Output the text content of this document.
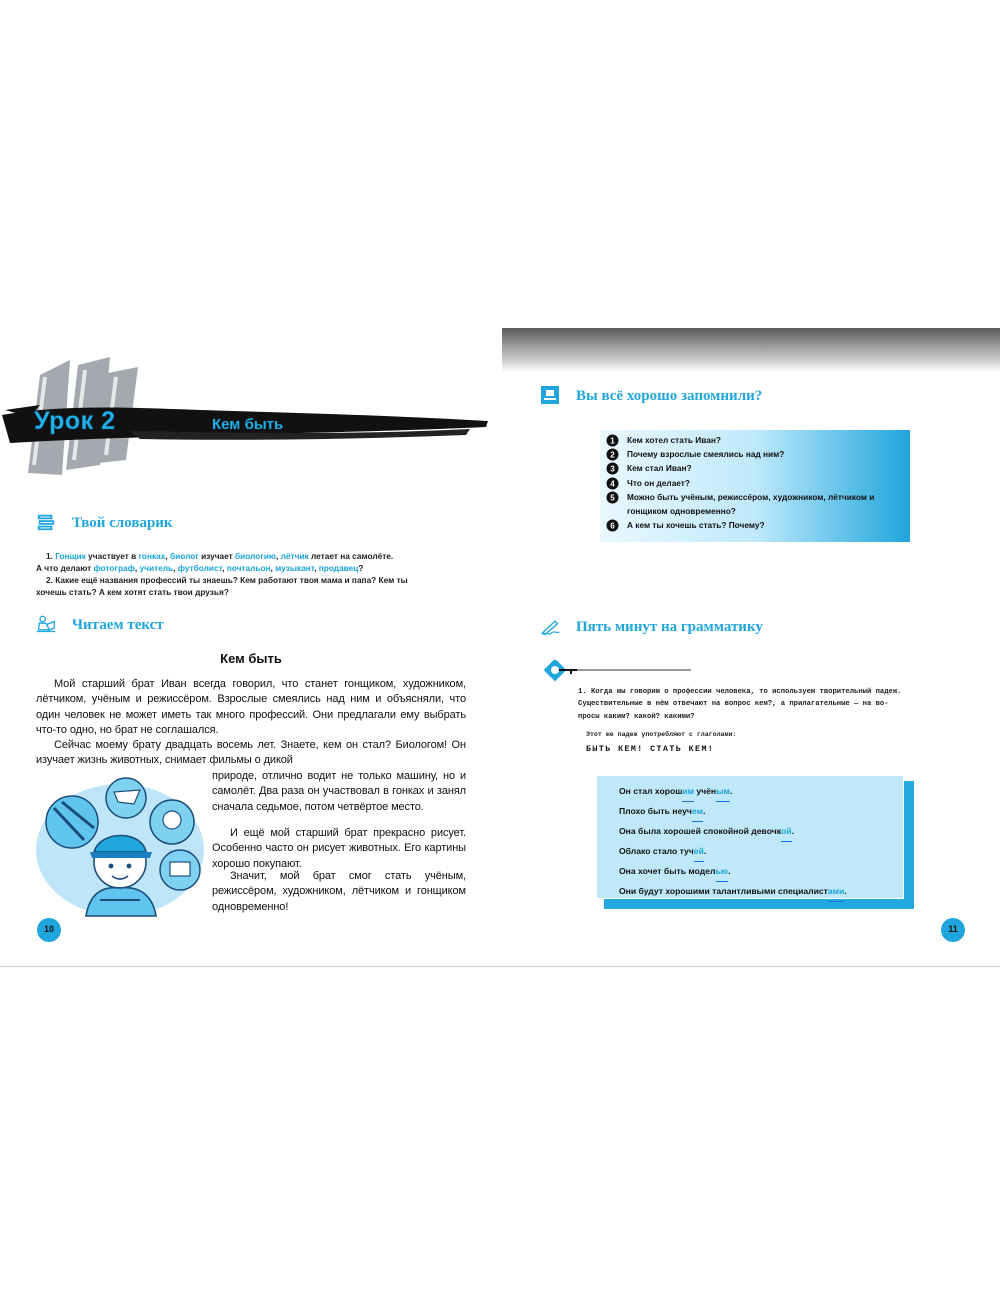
Урок 2	Кем быть
Твой словарик
1. Гонщик участвует в гонках, биолог изучает биологию, лётчик летает на самолёте.
А что делают фотограф, учитель, футболист, почтальон, музыкант, продавец?
2. Какие ещё названия профессий ты знаешь? Кем работают твоя мама и папа? Кем ты
хочешь стать? А кем хотят стать твои друзья?
Читаем текст
Кем быть
Мой старший брат Иван всегда говорил, что станет гонщиком, художником, лётчиком, учёным и режиссёром. Взрослые смеялись над ним и объясняли, что один человек не может иметь так много профессий. Они предлагали ему выбрать что-то одно, но брат не соглашался.
Сейчас моему брату двадцать восемь лет. Знаете, кем он стал? Биологом! Он изучает жизнь животных, снимает фильмы о дикой
природе, отлично водит не только машину, но и самолёт. Два раза он участвовал в гонках и занял сначала седьмое, потом четвёртое место.
И ещё мой старший брат прекрасно рисует. Особенно часто он рисует животных. Его картины хорошо покупают.
Значит, мой брат смог стать учёным, режиссёром, художником, лётчиком и гонщиком одновременно!
10
Вы всё хорошо запомнили?
1 Кем хотел стать Иван?
2 Почему взрослые смеялись над ним?
3 Кем стал Иван?
4 Что он делает?
5 Можно быть учёным, режиссёром, художником, лётчиком и гонщиком одновременно?
6 А кем ты хочешь стать? Почему?
Пять минут на грамматику
1. Когда мы говорим о профессии человека, то используем творительный падеж.
Существительные в нём отвечают на вопрос кем?, а прилагательные — на во-
просы каким? какой? какими?
Этот же падеж употребляют с глаголами:
БЫТЬ КЕМ! СТАТЬ КЕМ!
Он стал хорошим учёным.
Плохо быть неучем.
Она была хорошей спокойной девочкой.
Облако стало тучей.
Она хочет быть моделью.
Они будут хорошими талантливыми специалистами.
11
